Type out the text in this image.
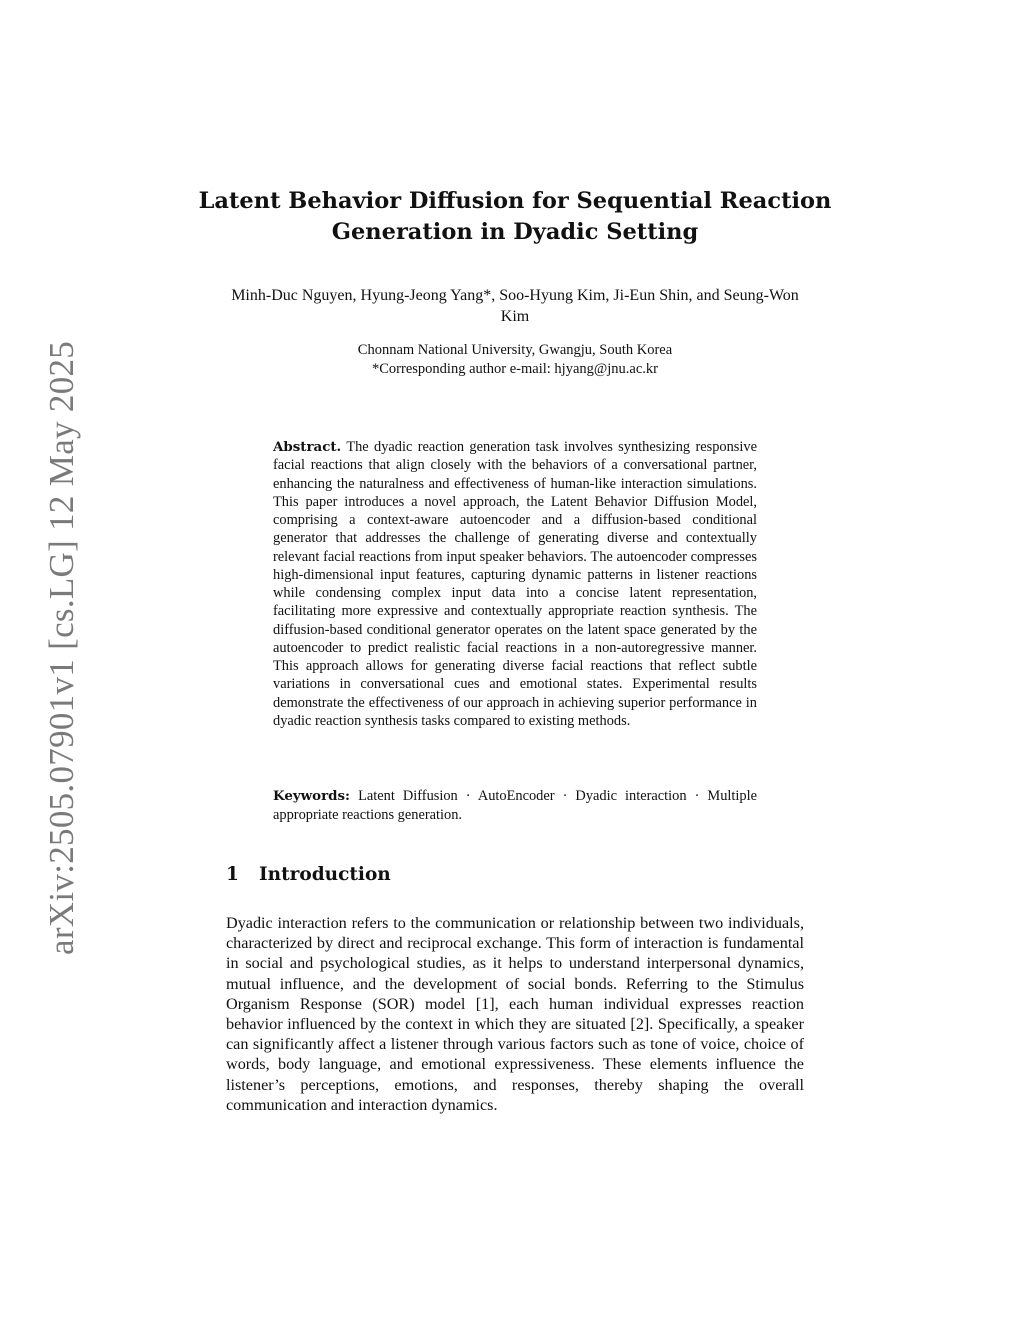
arXiv:2505.07901v1 [cs.LG] 12 May 2025
Latent Behavior Diffusion for Sequential Reaction Generation in Dyadic Setting
Minh-Duc Nguyen, Hyung-Jeong Yang*, Soo-Hyung Kim, Ji-Eun Shin, and Seung-Won Kim
Chonnam National University, Gwangju, South Korea
*Corresponding author e-mail: hjyang@jnu.ac.kr
Abstract. The dyadic reaction generation task involves synthesizing responsive facial reactions that align closely with the behaviors of a conversational partner, enhancing the naturalness and effectiveness of human-like interaction simulations. This paper introduces a novel approach, the Latent Behavior Diffusion Model, comprising a context-aware autoencoder and a diffusion-based conditional generator that addresses the challenge of generating diverse and contextually relevant facial reactions from input speaker behaviors. The autoencoder compresses high-dimensional input features, capturing dynamic patterns in listener reactions while condensing complex input data into a concise latent representation, facilitating more expressive and contextually appropriate reaction synthesis. The diffusion-based conditional generator operates on the latent space generated by the autoencoder to predict realistic facial reactions in a non-autoregressive manner. This approach allows for generating diverse facial reactions that reflect subtle variations in conversational cues and emotional states. Experimental results demonstrate the effectiveness of our approach in achieving superior performance in dyadic reaction synthesis tasks compared to existing methods.
Keywords: Latent Diffusion · AutoEncoder · Dyadic interaction · Multiple appropriate reactions generation.
1 Introduction
Dyadic interaction refers to the communication or relationship between two individuals, characterized by direct and reciprocal exchange. This form of interaction is fundamental in social and psychological studies, as it helps to understand interpersonal dynamics, mutual influence, and the development of social bonds. Referring to the Stimulus Organism Response (SOR) model [1], each human individual expresses reaction behavior influenced by the context in which they are situated [2]. Specifically, a speaker can significantly affect a listener through various factors such as tone of voice, choice of words, body language, and emotional expressiveness. These elements influence the listener’s perceptions, emotions, and responses, thereby shaping the overall communication and interaction dynamics.
